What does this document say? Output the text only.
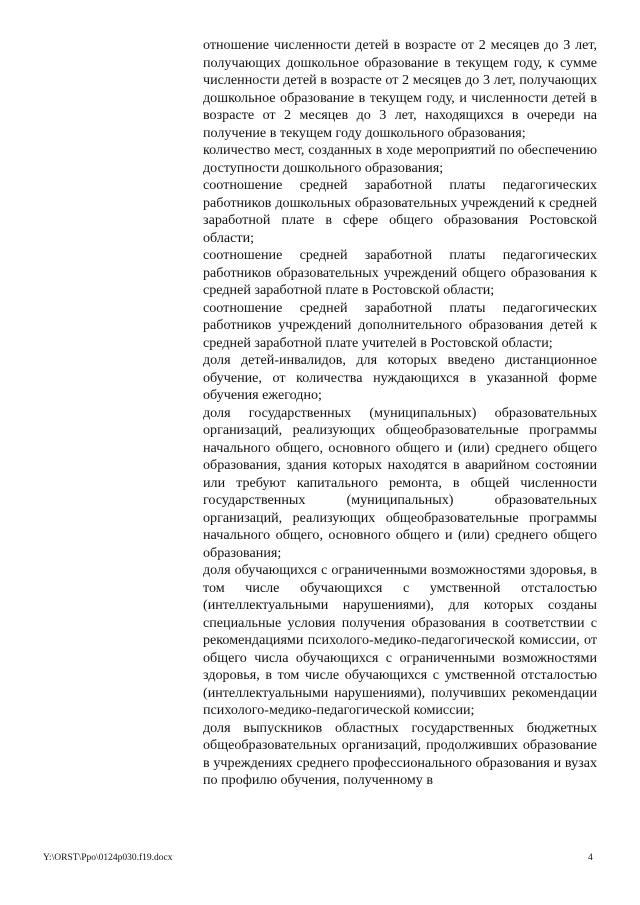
отношение численности детей в возрасте от 2 месяцев до 3 лет, получающих дошкольное образование в текущем году, к сумме численности детей в возрасте от 2 месяцев до 3 лет, получающих дошкольное образование в текущем году, и численности детей в возрасте от 2 месяцев до 3 лет, находящихся в очереди на получение в текущем году дошкольного образования;

количество мест, созданных в ходе мероприятий по обеспечению доступности дошкольного образования;

соотношение средней заработной платы педагогических работников дошкольных образовательных учреждений к средней заработной плате в сфере общего образования Ростовской области;

соотношение средней заработной платы педагогических работников образовательных учреждений общего образования к средней заработной плате в Ростовской области;

соотношение средней заработной платы педагогических работников учреждений дополнительного образования детей к средней заработной плате учителей в Ростовской области;

доля детей-инвалидов, для которых введено дистанционное обучение, от количества нуждающихся в указанной форме обучения ежегодно;

доля государственных (муниципальных) образовательных организаций, реализующих общеобразовательные программы начального общего, основного общего и (или) среднего общего образования, здания которых находятся в аварийном состоянии или требуют капитального ремонта, в общей численности государственных (муниципальных) образовательных организаций, реализующих общеобразовательные программы начального общего, основного общего и (или) среднего общего образования;

доля обучающихся с ограниченными возможностями здоровья, в том числе обучающихся с умственной отсталостью (интеллектуальными нарушениями), для которых созданы специальные условия получения образования в соответствии с рекомендациями психолого-медико-педагогической комиссии, от общего числа обучающихся с ограниченными возможностями здоровья, в том числе обучающихся с умственной отсталостью (интеллектуальными нарушениями), получивших рекомендации психолого-медико-педагогической комиссии;

доля выпускников областных государственных бюджетных общеобразовательных организаций, продолживших образование в учреждениях среднего профессионального образования и вузах по профилю обучения, полученному в

Y:\ORST\Ppo\0124p030.f19.docx	4
